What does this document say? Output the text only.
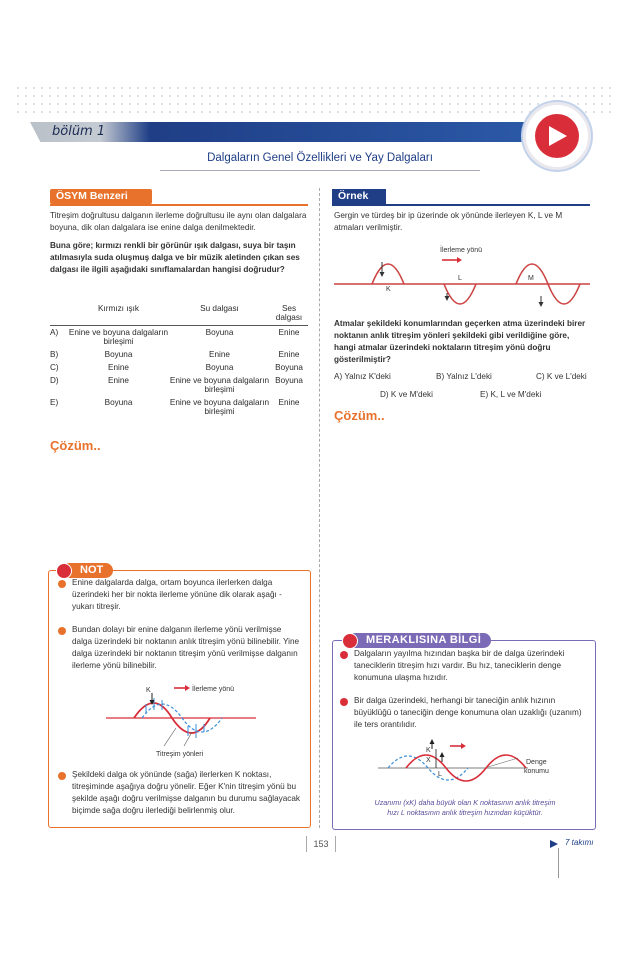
bölüm 1
Dalgaların Genel Özellikleri ve Yay Dalgaları
ÖSYM Benzeri
Titreşim doğrultusu dalganın ilerleme doğrultusu ile aynı olan dalgalara boyuna, dik olan dalgalara ise enine dalga denilmektedir.
Buna göre; kırmızı renkli bir görünür ışık dalgası, suya bir taşın atılmasıyla suda oluşmuş dalga ve bir müzik aletinden çıkan ses dalgası ile ilgili aşağıdaki sınıflamalardan hangisi doğrudur?
	Kırmızı ışık	Su dalgası	Ses dalgası
A)	Enine ve boyuna dalgaların birleşimi	Boyuna	Enine
B)	Boyuna	Enine	Enine
C)	Enine	Boyuna	Boyuna
D)	Enine	Enine ve boyuna dalgaların birleşimi	Boyuna
E)	Boyuna	Enine ve boyuna dalgaların birleşimi	Enine
Çözüm..
Örnek
Gergin ve türdeş bir ip üzerinde ok yönünde ilerleyen K, L ve M atmaları verilmiştir.
İlerleme yönü
K
L	M
Atmalar şekildeki konumlarından geçerken atma üzerindeki birer noktanın anlık titreşim yönleri şekildeki gibi verildiğine göre, hangi atmalar üzerindeki noktaların titreşim yönü doğru gösterilmiştir?
A) Yalnız K'deki	B) Yalnız L'deki	C) K ve L'deki
D) K ve M'deki	E) K, L ve M'deki
Çözüm..
NOT
Enine dalgalarda dalga, ortam boyunca ilerlerken dalga üzerindeki her bir nokta ilerleme yönüne dik olarak aşağı - yukarı titreşir.
Bundan dolayı bir enine dalganın ilerleme yönü verilmişse dalga üzerindeki bir noktanın anlık titreşim yönü bilinebilir. Yine dalga üzerindeki bir noktanın titreşim yönü verilmişse dalganın ilerleme yönü bilinebilir.
K	İlerleme yönü
Titreşim yönleri
Şekildeki dalga ok yönünde (sağa) ilerlerken K noktası, titreşiminde aşağıya doğru yönelir. Eğer K'nin titreşim yönü bu şekilde aşağı doğru verilmişse dalganın bu durumu sağlayacak biçimde sağa doğru ilerlediği belirlenmiş olur.
MERAKLISINA BİLGİ
Dalgaların yayılma hızından başka bir de dalga üzerindeki taneciklerin titreşim hızı vardır. Bu hız, taneciklerin denge konumuna ulaşma hızıdır.
Bir dalga üzerindeki, herhangi bir taneciğin anlık hızının büyüklüğü o taneciğin denge konumuna olan uzaklığı (uzanım) ile ters orantılıdır.
K
X
L
Denge
konumu
Uzanımı (xK) daha büyük olan K noktasının anlık titreşim
hızı L noktasının anlık titreşim hızından küçüktür.
153	7 takımı
